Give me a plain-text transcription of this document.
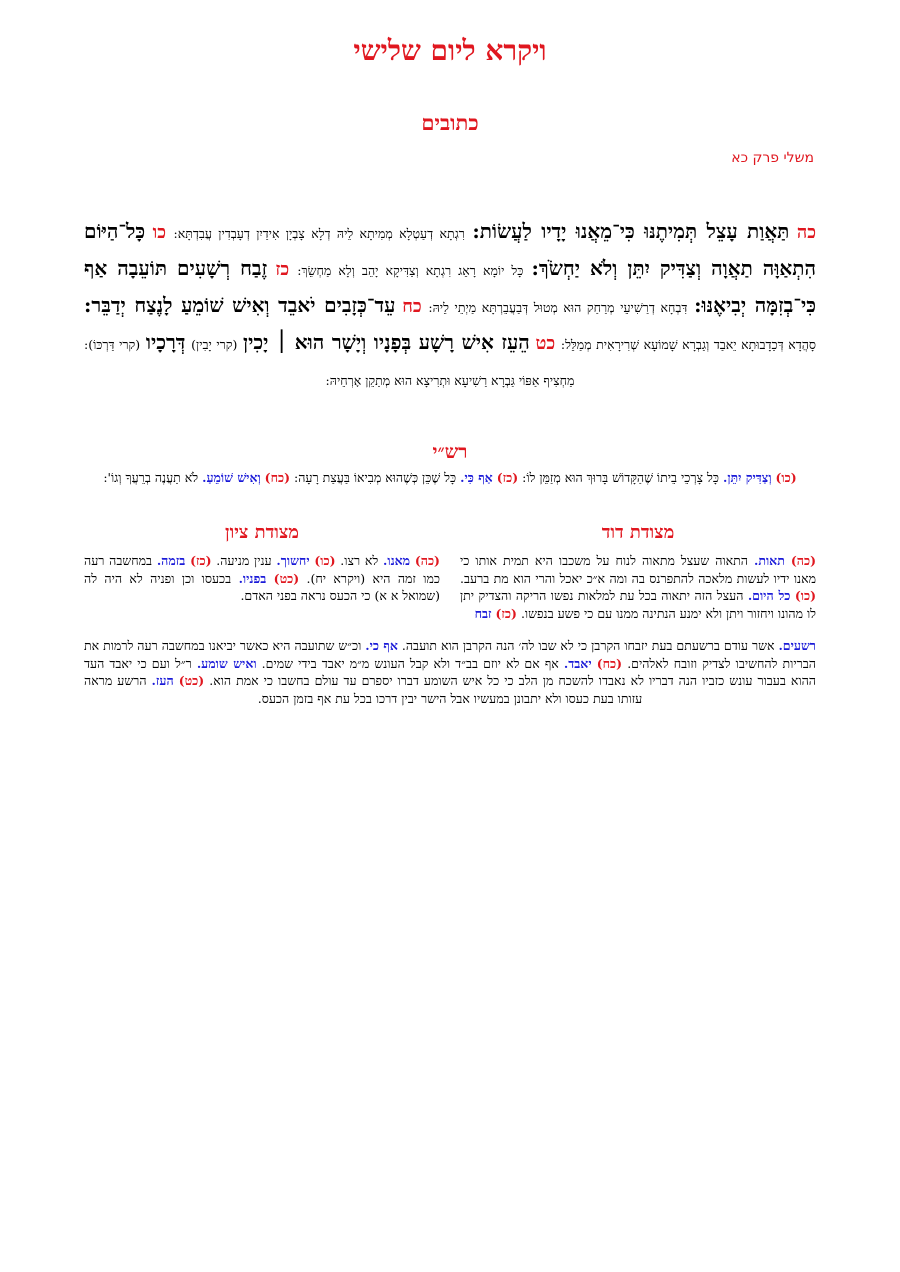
ויקרא ליום שלישי
כתובים
משלי פרק כא
כה תַּאֲוַת עָצֵל תְּמִיתֶנּוּ כִּי־מֵאֲנוּ יָדָיו לַעֲשׂוֹת: רִגְתָא דְעַטְלָא מְמִיתָא לֵיהּ דְלָא צָבְיָן אִידַיִן דְעָבְדִין עֲבִדְתָּא: כו כָּל־הַיּוֹם הִתְאַוָּה תַאֲוָה וְצַדִּיק יִתֵּן וְלֹא יַחְשֹׂךְ: כָּל יוֹמָא רָאֵג רִגְתָא וְצַדִּיקָא יָהֵב וְלָא מַחְשֵׂךְ: כז זֶבַח רְשָׁעִים תּוֹעֵבָה אַף כִּי־בְזִמָּה יְבִיאֶנּוּ: דִּבְחָא דְרַשִׁיעֵי מְרַחַק הוּא מְטוּל דְּבַעֲבֵרְתָּא מַיְתֵי לֵיהּ: כח עֵד־כְּזָבִים יֹאבֵד וְאִישׁ שׁוֹמֵעַ לָנֶצַח יְדַבֵּר: סָהֲדָא דְּכַדָבוּתָא יֵאבַד וְגַבְרָא שָׁמוֹעָא שְׁרִירָאִית מְמַלֵּל: כט הֵעֵז אִישׁ רָשָׁע בְּפָנָיו וְיָשָׁר הוּא ׀ יָכִין (קרי יָבִין) דְּרָכָיו (קרי דַּרְכּוֹ): מַחְצִיף אַפּוֹי גַּבְרָא רַשִׁיעָא וּתְרִיצָא הוּא מְתַקֵן אָרְחֵיהּ:
רש״י
(כו) וְצַדִּיק יִתֵּן. כָּל צָרְכֵי בֵיתוֹ שֶׁהַקָּדוֹשׁ בָּרוּךְ הוּא מְזַמֵּן לוֹ: (כז) אַף כִּי. כָּל שֶׁכֵּן כְּשֶׁהוּא מְבִיאוֹ בַּעֲצַת רָעָה: (כח) וְאִישׁ שׁוֹמֵעַ. לֹא תַעֲנֶה בְרֵעֲךָ וְגוֹ':
מצודת דוד
מצודת ציון
(כה) תאות. התאוה שעצל מתאוה לנוח על משכבו היא תמית אותו כי מאנו ידיו לעשות מלאכה להתפרנס בה ומה א״כ יאכל והרי הוא מת ברעב. (כו) כל היום. העצל הזה יתאוה בכל עת למלאות נפשו הריקה והצדיק יתן לו מהונו ויחזור ויתן ולא ימנע הנתינה ממנו עם כי פשע בנפשו. (כז) זבח
(כה) מאנו. לא רצו. (כו) יחשוך. ענין מניעה. (כז) בזמה. במחשבה רעה כמו זמה היא (ויקרא יח). (כט) בפניו. בכעסו וכן ופניה לא היה לה (שמואל א א) כי הכעס נראה בפני האדם.
רשעים. אשר עודם ברשעתם בעת יזבחו הקרבן כי לא שבו לה׳ הנה הקרבן הוא תועבה. אף כי. וכ״ש שתועבה היא כאשר יביאנו במחשבה רעה לרמות את הבריות להחשיבו לצדיק וזובח לאלהים. (כח) יאבד. אף אם לא יוזם בב״ד ולא קבל העונש מ״מ יאבד בידי שמים. ואיש שומע. ר״ל ועם כי יאבד העד ההוא בעבור עונש כזביו הנה דבריו לא נאבדו להשכח מן הלב כי כל איש השומע דברו יספרם עד עולם בחשבו כי אמת הוא. (כט) העז. הרשע מראה עזותו בעת כעסו ולא יתבונן במעשיו אבל הישר יבין דרכו בכל עת אף בזמן הכעס.
